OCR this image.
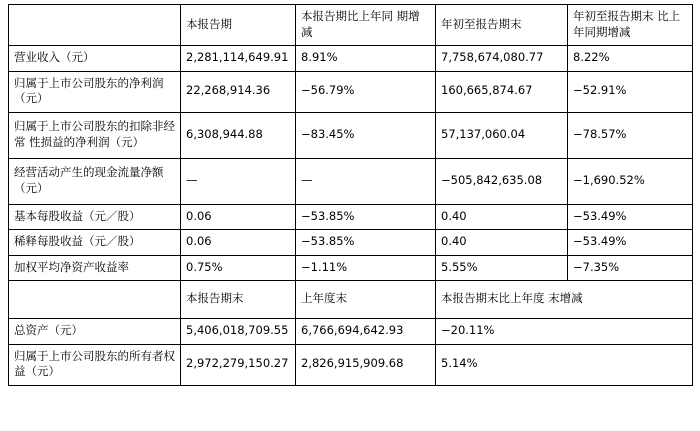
	本报告期	本报告期比上年同 期增减	年初至报告期末	年初至报告期末 比上年同期增减
营业收入（元）	2,281,114,649.91	8.91%	7,758,674,080.77	8.22%
归属于上市公司股东的净利润（元）	22,268,914.36	−56.79%	160,665,874.67	−52.91%
归属于上市公司股东的扣除非经常 性损益的净利润（元）	6,308,944.88	−83.45%	57,137,060.04	−78.57%
经营活动产生的现金流量净额（元）	—	—	−505,842,635.08	−1,690.52%
基本每股收益（元／股）	0.06	−53.85%	0.40	−53.49%
稀释每股收益（元／股）	0.06	−53.85%	0.40	−53.49%
加权平均净资产收益率	0.75%	−1.11%	5.55%	−7.35%
	本报告期末	上年度末	本报告期末比上年度 末增减	
总资产（元）	5,406,018,709.55	6,766,694,642.93	−20.11%	
归属于上市公司股东的所有者权益（元）	2,972,279,150.27	2,826,915,909.68	5.14%	
